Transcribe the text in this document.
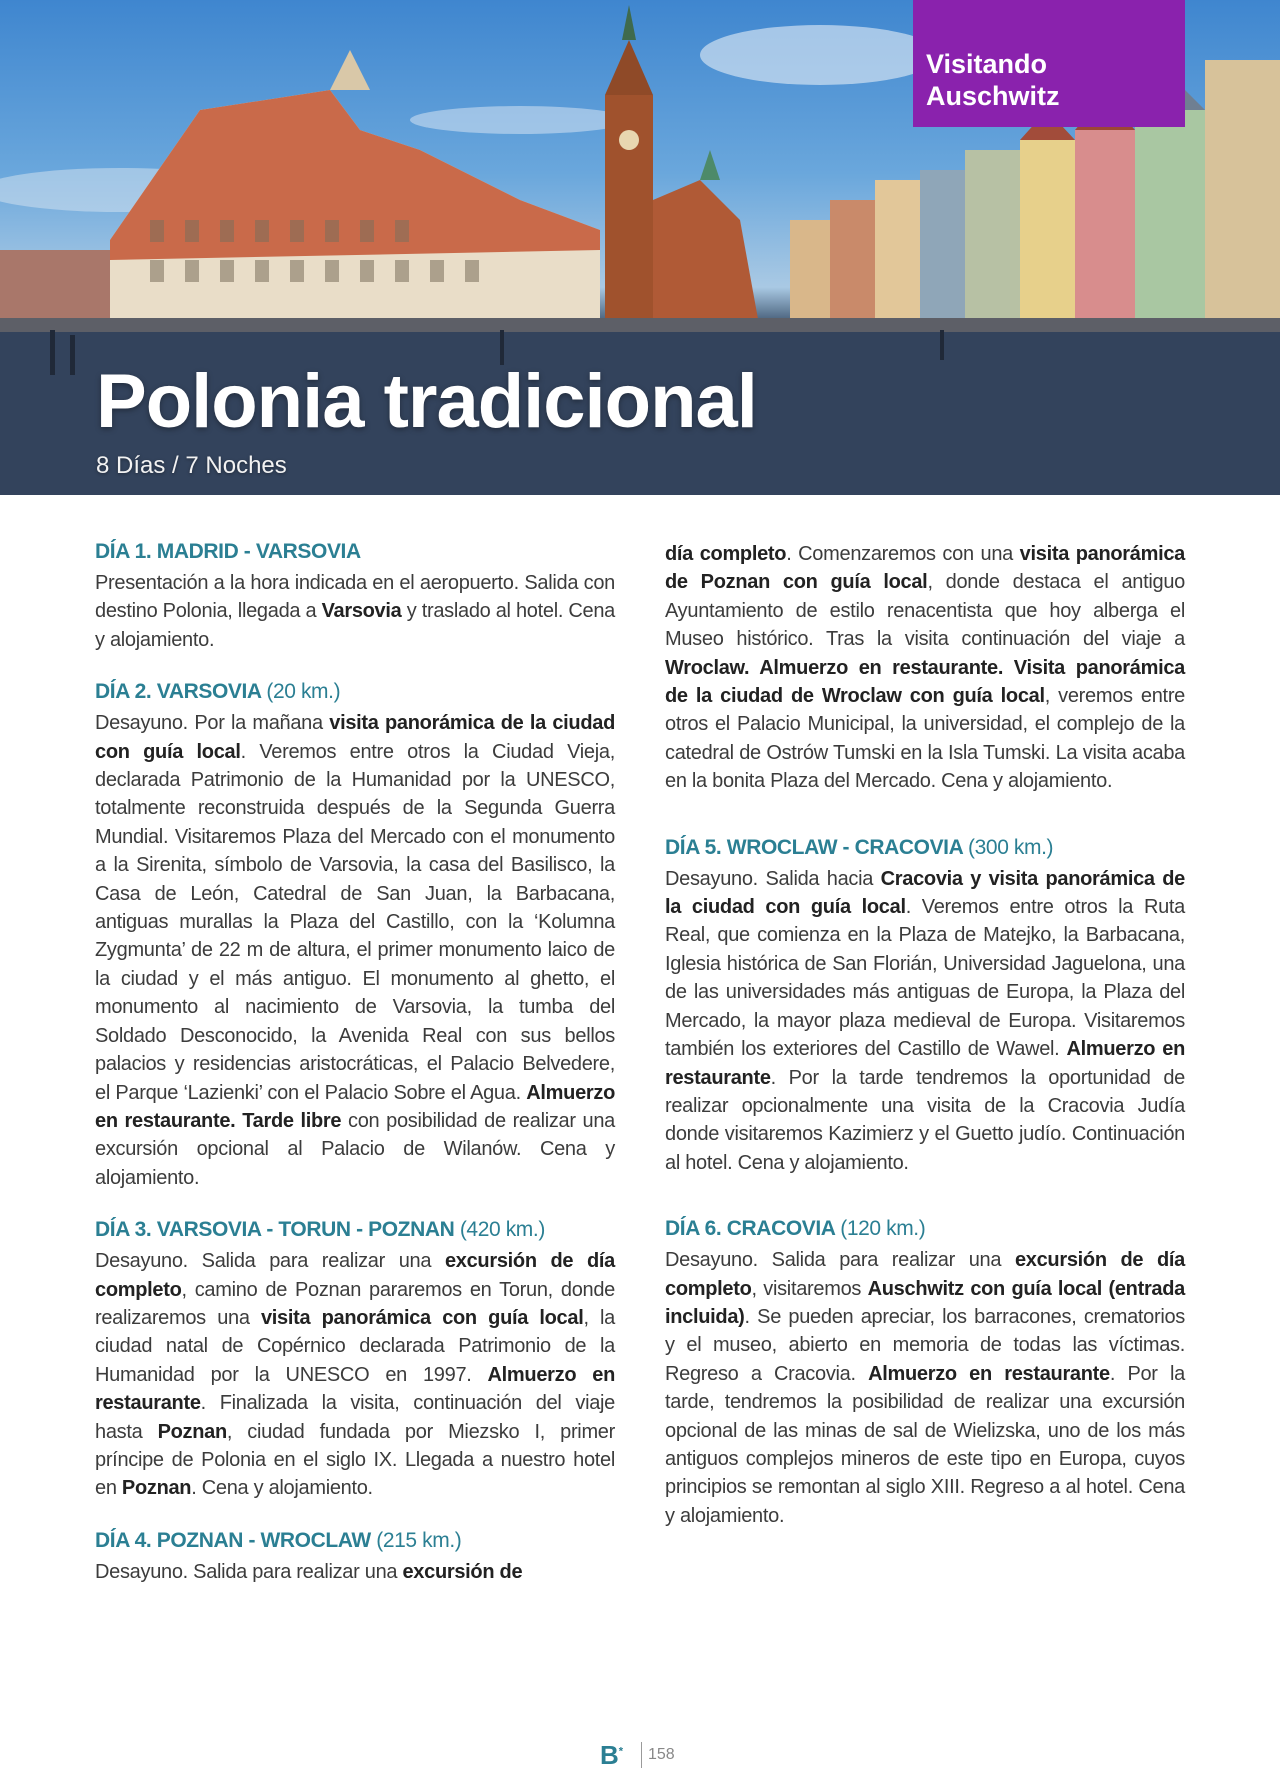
Polonia tradicional
8 Días / 7 Noches
Visitando
Auschwitz
DÍA 1. MADRID - VARSOVIA

Presentación a la hora indicada en el aeropuerto. Salida con destino Polonia, llegada a Varsovia y traslado al hotel. Cena y alojamiento.

DÍA 2. VARSOVIA (20 km.)

Desayuno. Por la mañana visita panorámica de la ciudad con guía local. Veremos entre otros la Ciudad Vieja, declarada Patrimonio de la Humanidad por la UNESCO, totalmente reconstruida después de la Segunda Guerra Mundial. Visitaremos Plaza del Mercado con el monumento a la Sirenita, símbolo de Varsovia, la casa del Basilisco, la Casa de León, Catedral de San Juan, la Barbacana, antiguas murallas la Plaza del Castillo, con la ‘Kolumna Zygmunta’ de 22 m de altura, el primer monumento laico de la ciudad y el más antiguo. El monumento al ghetto, el monumento al nacimiento de Varsovia, la tumba del Soldado Desconocido, la Avenida Real con sus bellos palacios y residencias aristocráticas, el Palacio Belvedere, el Parque ‘Lazienki’ con el Palacio Sobre el Agua. Almuerzo en restaurante. Tarde libre con posibilidad de realizar una excursión opcional al Palacio de Wilanów. Cena y alojamiento.

DÍA 3. VARSOVIA - TORUN - POZNAN (420 km.)

Desayuno. Salida para realizar una excursión de día completo, camino de Poznan pararemos en Torun, donde realizaremos una visita panorámica con guía local, la ciudad natal de Copérnico declarada Patrimonio de la Humanidad por la UNESCO en 1997. Almuerzo en restaurante. Finalizada la visita, continuación del viaje hasta Poznan, ciudad fundada por Miezsko I, primer príncipe de Polonia en el siglo IX. Llegada a nuestro hotel en Poznan. Cena y alojamiento.

DÍA 4. POZNAN - WROCLAW (215 km.)

Desayuno. Salida para realizar una excursión de

día completo. Comenzaremos con una visita panorámica de Poznan con guía local, donde destaca el antiguo Ayuntamiento de estilo renacentista que hoy alberga el Museo histórico. Tras la visita continuación del viaje a Wroclaw. Almuerzo en restaurante. Visita panorámica de la ciudad de Wroclaw con guía local, veremos entre otros el Palacio Municipal, la universidad, el complejo de la catedral de Ostrów Tumski en la Isla Tumski. La visita acaba en la bonita Plaza del Mercado. Cena y alojamiento.

DÍA 5. WROCLAW - CRACOVIA (300 km.)

Desayuno. Salida hacia Cracovia y visita panorámica de la ciudad con guía local. Veremos entre otros la Ruta Real, que comienza en la Plaza de Matejko, la Barbacana, Iglesia histórica de San Florián, Universidad Jaguelona, una de las universidades más antiguas de Europa, la Plaza del Mercado, la mayor plaza medieval de Europa. Visitaremos también los exteriores del Castillo de Wawel. Almuerzo en restaurante. Por la tarde tendremos la oportunidad de realizar opcionalmente una visita de la Cracovia Judía donde visitaremos Kazimierz y el Guetto judío. Continuación al hotel. Cena y alojamiento.

DÍA 6. CRACOVIA (120 km.)

Desayuno. Salida para realizar una excursión de día completo, visitaremos Auschwitz con guía local (entrada incluida). Se pueden apreciar, los barracones, crematorios y el museo, abierto en memoria de todas las víctimas. Regreso a Cracovia. Almuerzo en restaurante. Por la tarde, tendremos la posibilidad de realizar una excursión opcional de las minas de sal de Wielizska, uno de los más antiguos complejos mineros de este tipo en Europa, cuyos principios se remontan al siglo XIII. Regreso a al hotel. Cena y alojamiento.

B* 158
